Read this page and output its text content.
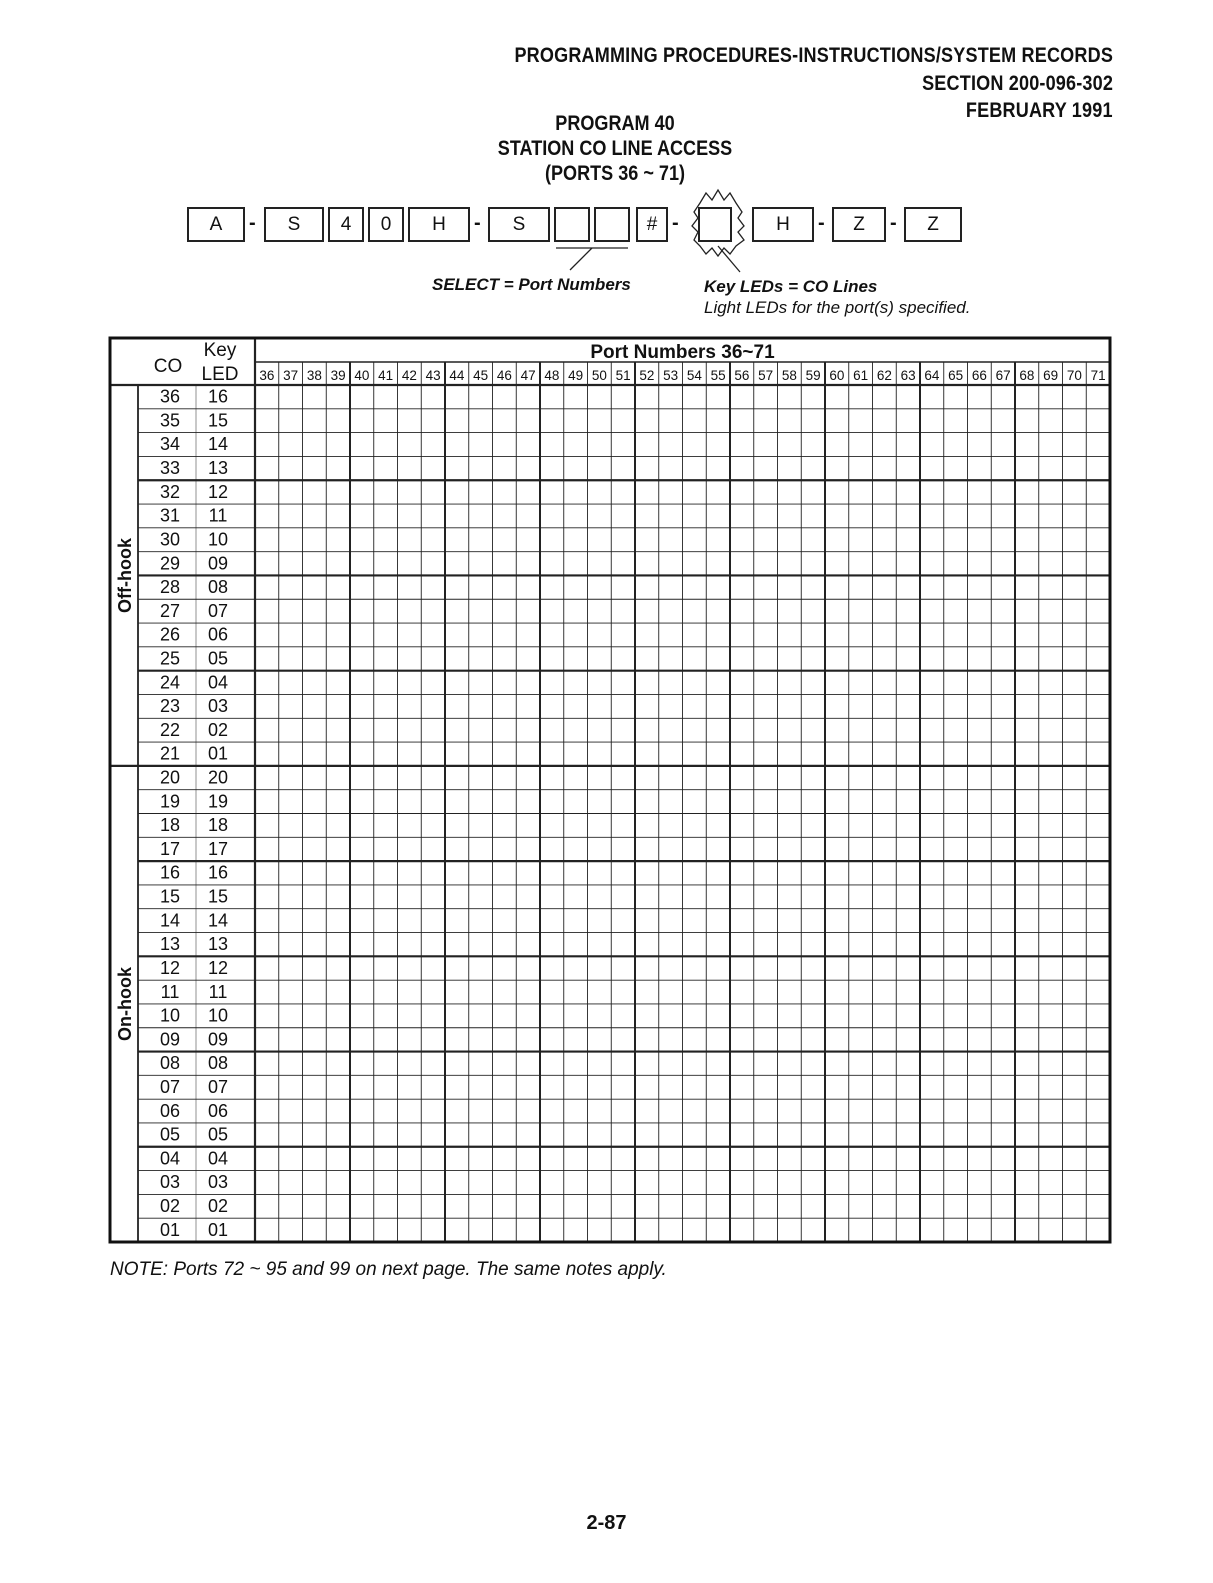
PROGRAMMING PROCEDURES-INSTRUCTIONS/SYSTEM RECORDS
SECTION 200-096-302
FEBRUARY 1991
PROGRAM 40
STATION CO LINE ACCESS
(PORTS 36 ~ 71)
A	-	S	4	0	H	-	S	# -	H	-	Z	-	Z
SELECT = Port Numbers	Key LEDs = CO Lines
Light LEDs for the port(s) specified.
CO
Key
LED
Port Numbers 36~71
36 37 38 39 40 41 42 43 44 45 46 47 48 49 50 51 52 53 54 55 56 57 58 59 60 61 62 63 64 65 66 67 68 69 70 71
Off-hook
On-hook
36 16
35 15
34 14
33 13
32 12
31 11
30 10
29 09
28 08
27 07
26 06
25 05
24 04
23 03
22 02
21 01
20 20
19 19
18 18
17 17
16 16
15 15
14 14
13 13
12 12
11 11
10 10
09 09
08 08
07 07
06 06
05 05
04 04
03 03
02 02
01 01
NOTE: Ports 72 ~ 95 and 99 on next page. The same notes apply.
2-87
